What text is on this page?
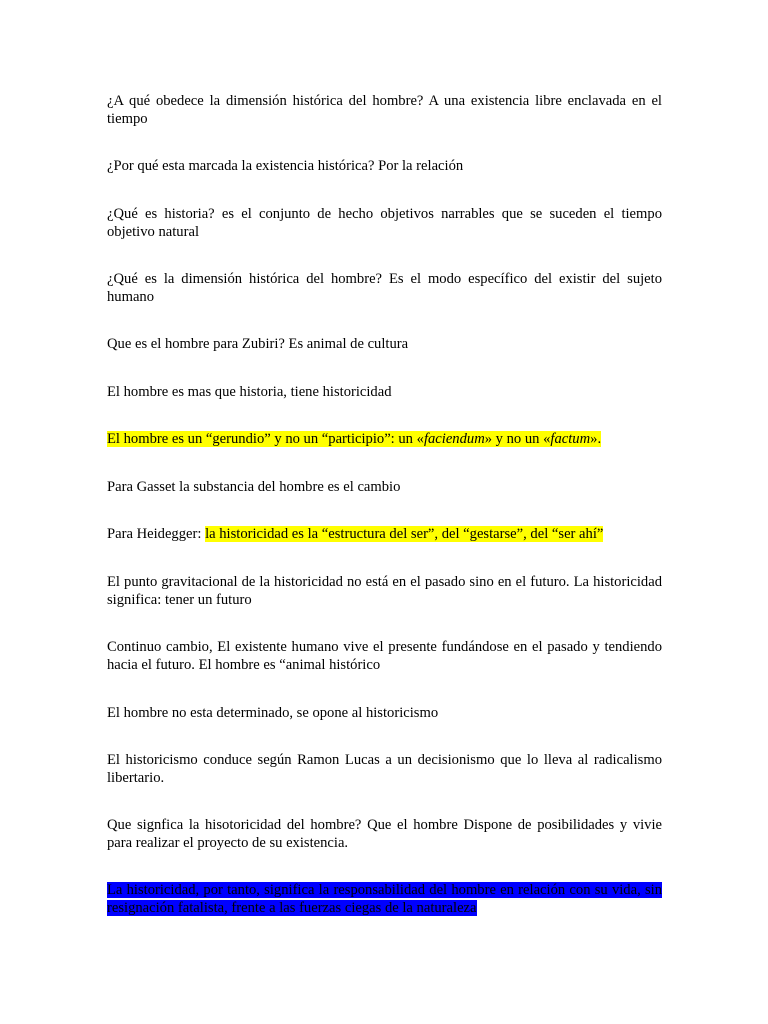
¿A qué obedece la dimensión histórica del hombre? A una existencia libre enclavada en el tiempo

¿Por qué esta marcada la existencia histórica? Por la relación

¿Qué es historia? es el conjunto de hecho objetivos narrables que se suceden el tiempo objetivo natural

¿Qué es la dimensión histórica del hombre? Es el modo específico del existir del sujeto humano

Que es el hombre para Zubiri? Es animal de cultura

El hombre es mas que historia, tiene historicidad

El hombre es un “gerundio” y no un “participio”: un «faciendum» y no un «factum».

Para Gasset la substancia del hombre es el cambio

Para Heidegger: la historicidad es la “estructura del ser”, del “gestarse”, del “ser ahí”

El punto gravitacional de la historicidad no está en el pasado sino en el futuro. La historicidad significa: tener un futuro

Continuo cambio, El existente humano vive el presente fundándose en el pasado y tendiendo hacia el futuro. El hombre es “animal histórico

El hombre no esta determinado, se opone al historicismo

El historicismo conduce según Ramon Lucas a un decisionismo que lo lleva al radicalismo libertario.

Que signfica la hisotoricidad del hombre? Que el hombre Dispone de posibilidades y vivie para realizar el proyecto de su existencia.

La historicidad, por tanto, significa la responsabilidad del hombre en relación con su vida, sin resignación fatalista, frente a las fuerzas ciegas de la naturaleza
